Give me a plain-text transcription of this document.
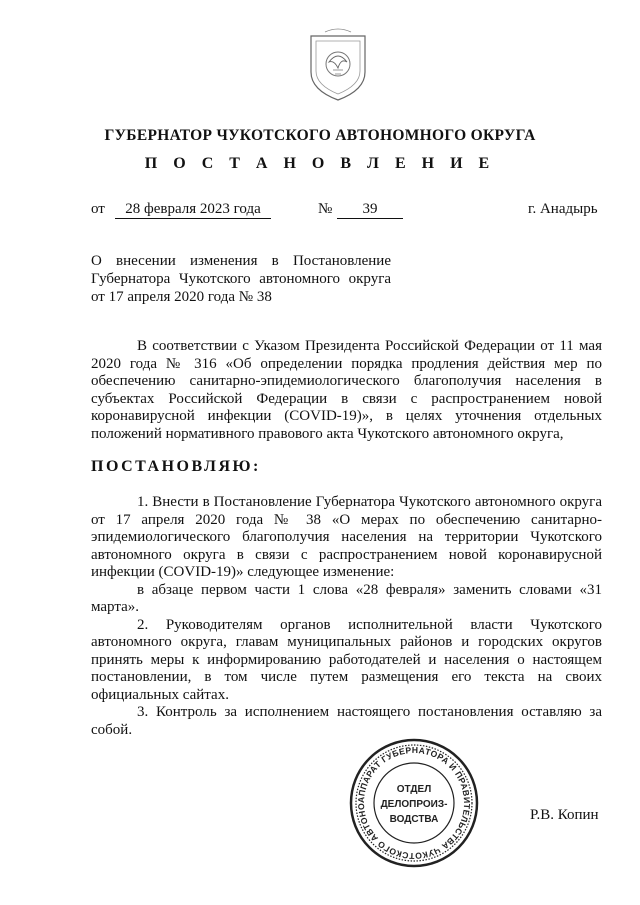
ГУБЕРНАТОР ЧУКОТСКОГО АВТОНОМНОГО ОКРУГА
П О С Т А Н О В Л Е Н И Е
от	28 февраля 2023 года	№	39	г. Анадырь

О внесении изменения в Постановление

Губернатора Чукотского автономного округа

от 17 апреля 2020 года № 38

В соответствии с Указом Президента Российской Федерации от 11 мая 2020 года № 316 «Об определении порядка продления действия мер по обеспечению санитарно-эпидемиологического благополучия населения в субъектах Российской Федерации в связи с распространением новой коронавирусной инфекции (COVID-19)», в целях уточнения отдельных положений нормативного правового акта Чукотского автономного округа,

ПОСТАНОВЛЯЮ:

1. Внести в Постановление Губернатора Чукотского автономного округа от 17 апреля 2020 года № 38 «О мерах по обеспечению санитарно-эпидемиологического благополучия населения на территории Чукотского автономного округа в связи с распространением новой коронавирусной инфекции (COVID-19)» следующее изменение:

в абзаце первом части 1 слова «28 февраля» заменить словами «31 марта».

2. Руководителям органов исполнительной власти Чукотского автономного округа, главам муниципальных районов и городских округов принять меры к информированию работодателей и населения о настоящем постановлении, в том числе путем размещения его текста на своих официальных сайтах.

3. Контроль за исполнением настоящего постановления оставляю за собой.

АППАРАТ ГУБЕРНАТОРА И ПРАВИТЕЛЬСТВА ЧУКОТСКОГО АВТОНО
ОТДЕЛ
ДЕЛОПРОИЗ-
ВОДСТВА	Р.В. Копин
